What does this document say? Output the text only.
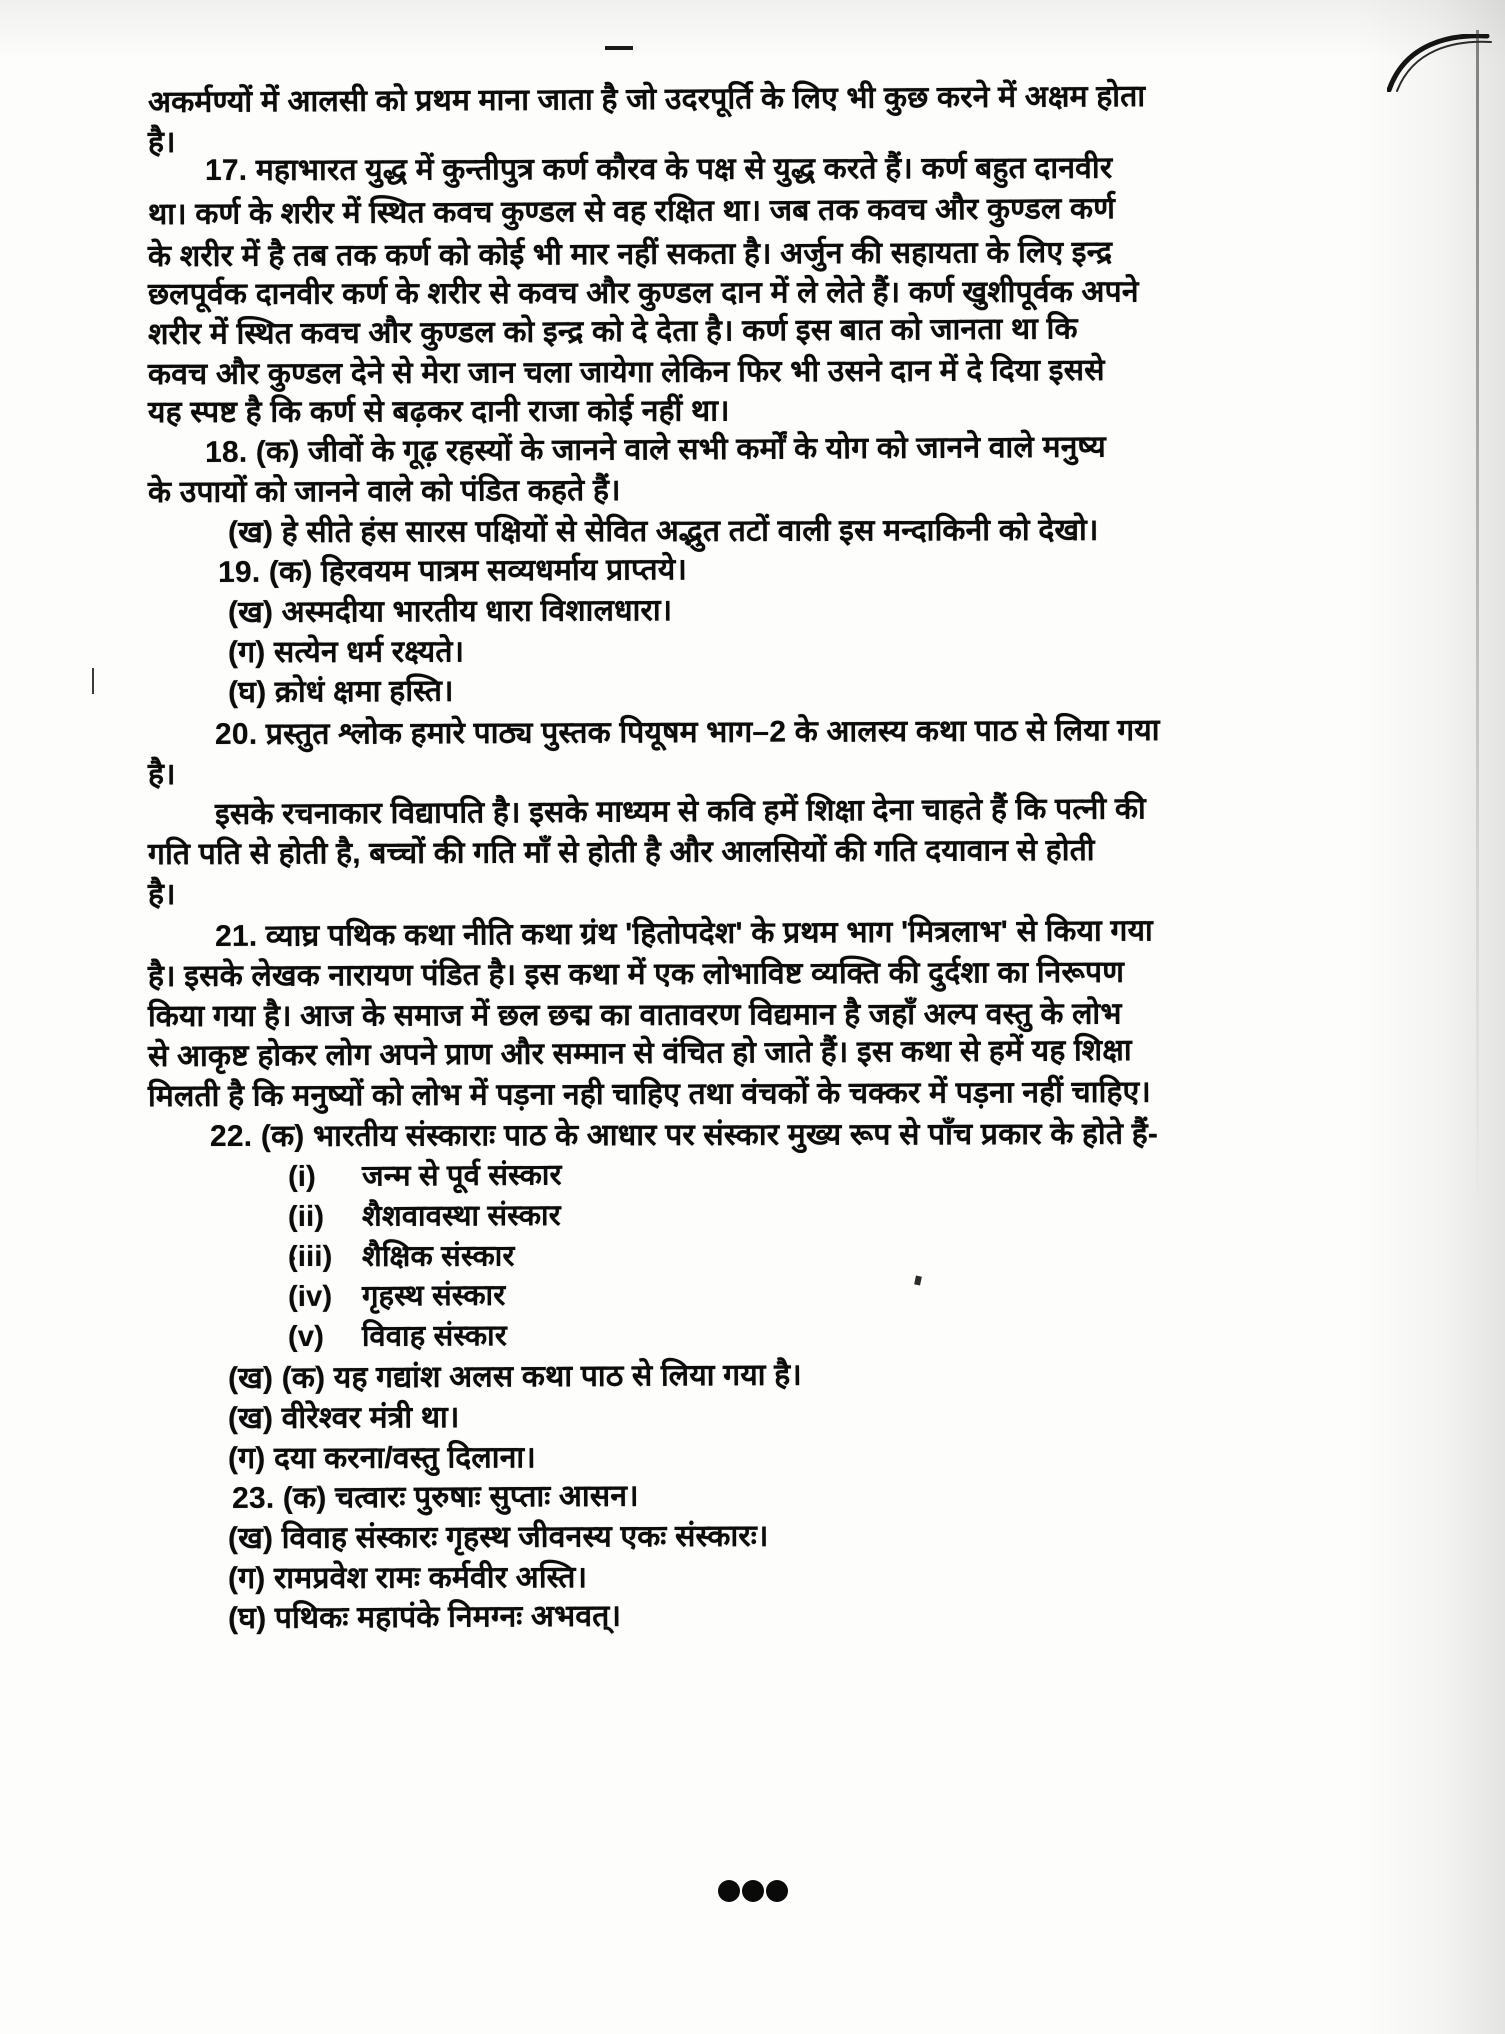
अकर्मण्यों में आलसी को प्रथम माना जाता है जो उदरपूर्ति के लिए भी कुछ करने में अक्षम होता
है।
17. महाभारत युद्ध में कुन्तीपुत्र कर्ण कौरव के पक्ष से युद्ध करते हैं। कर्ण बहुत दानवीर
था। कर्ण के शरीर में स्थित कवच कुण्डल से वह रक्षित था। जब तक कवच और कुण्डल कर्ण
के शरीर में है तब तक कर्ण को कोई भी मार नहीं सकता है। अर्जुन की सहायता के लिए इन्द्र
छलपूर्वक दानवीर कर्ण के शरीर से कवच और कुण्डल दान में ले लेते हैं। कर्ण खुशीपूर्वक अपने
शरीर में स्थित कवच और कुण्डल को इन्द्र को दे देता है। कर्ण इस बात को जानता था कि
कवच और कुण्डल देने से मेरा जान चला जायेगा लेकिन फिर भी उसने दान में दे दिया इससे
यह स्पष्ट है कि कर्ण से बढ़कर दानी राजा कोई नहीं था।
18. (क) जीवों के गूढ़ रहस्यों के जानने वाले सभी कर्मों के योग को जानने वाले मनुष्य
के उपायों को जानने वाले को पंडित कहते हैं।
(ख) हे सीते हंस सारस पक्षियों से सेवित अद्भुत तटों वाली इस मन्दाकिनी को देखो।
19. (क) हिरवयम पात्रम सव्यधर्माय प्राप्तये।
(ख) अस्मदीया भारतीय धारा विशालधारा।
(ग) सत्येन धर्म रक्ष्यते।
(घ) क्रोधं क्षमा हस्ति।
20. प्रस्तुत श्लोक हमारे पाठ्य पुस्तक पियूषम भाग–2 के आलस्य कथा पाठ से लिया गया
है।
इसके रचनाकार विद्यापति है। इसके माध्यम से कवि हमें शिक्षा देना चाहते हैं कि पत्नी की
गति पति से होती है, बच्चों की गति माँ से होती है और आलसियों की गति दयावान से होती
है।
21. व्याघ्र पथिक कथा नीति कथा ग्रंथ 'हितोपदेश' के प्रथम भाग 'मित्रलाभ' से किया गया
है। इसके लेखक नारायण पंडित है। इस कथा में एक लोभाविष्ट व्यक्ति की दुर्दशा का निरूपण
किया गया है। आज के समाज में छल छद्म का वातावरण विद्यमान है जहाँ अल्प वस्तु के लोभ
से आकृष्ट होकर लोग अपने प्राण और सम्मान से वंचित हो जाते हैं। इस कथा से हमें यह शिक्षा
मिलती है कि मनुष्यों को लोभ में पड़ना नही चाहिए तथा वंचकों के चक्कर में पड़ना नहीं चाहिए।
22. (क) भारतीय संस्काराः पाठ के आधार पर संस्कार मुख्य रूप से पाँच प्रकार के होते हैं-
(i) जन्म से पूर्व संस्कार
(ii) शैशवावस्था संस्कार
(iii) शैक्षिक संस्कार
(iv) गृहस्थ संस्कार
(v) विवाह संस्कार
(ख) (क) यह गद्यांश अलस कथा पाठ से लिया गया है।
(ख) वीरेश्वर मंत्री था।
(ग) दया करना/वस्तु दिलाना।
23. (क) चत्वारः पुरुषाः सुप्ताः आसन।
(ख) विवाह संस्कारः गृहस्थ जीवनस्य एकः संस्कारः।
(ग) रामप्रवेश रामः कर्मवीर अस्ति।
(घ) पथिकः महापंके निमग्नः अभवत्।
